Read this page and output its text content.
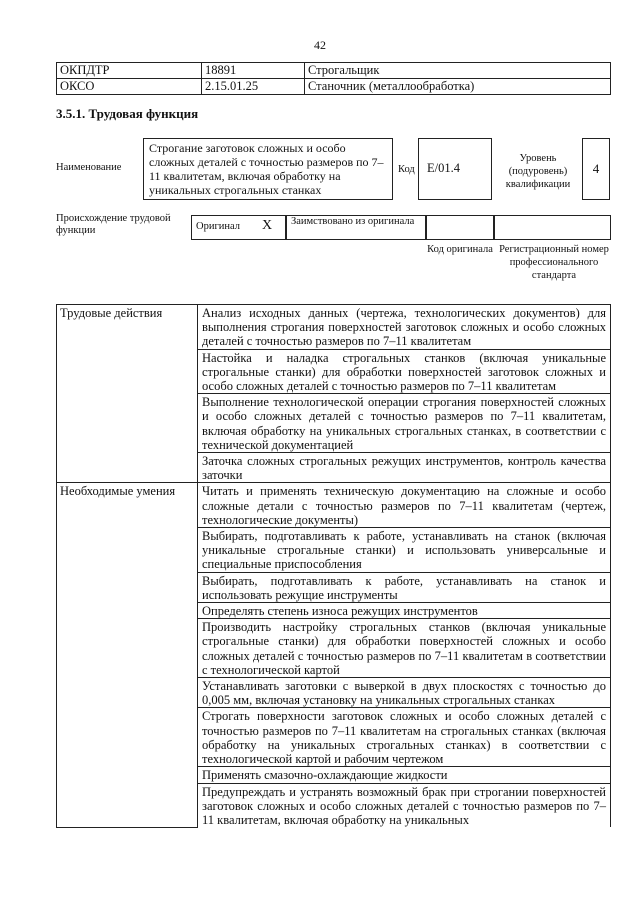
42
ОКПДТР	18891	Строгальщик
ОКСО	2.15.01.25	Станочник (металлообработка)
3.5.1. Трудовая функция
Наименование
Строгание заготовок сложных и особо сложных деталей с точностью размеров по 7–11 квалитетам, включая обработку на уникальных строгальных станках
Код E/01.4
Уровень (подуровень) квалификации
4
Происхождение трудовой функции	Оригинал X	Заимствовано из оригинала
Код оригинала Регистрационный номер профессионального стандарта
Трудовые действия	Анализ исходных данных (чертежа, технологических документов) для выполнения строгания поверхностей заготовок сложных и особо сложных деталей с точностью размеров по 7–11 квалитетам
	Настойка и наладка строгальных станков (включая уникальные строгальные станки) для обработки поверхностей заготовок сложных и особо сложных деталей с точностью размеров по 7–11 квалитетам
	Выполнение технологической операции строгания поверхностей сложных и особо сложных деталей с точностью размеров по 7–11 квалитетам, включая обработку на уникальных строгальных станках, в соответствии с технической документацией
	Заточка сложных строгальных режущих инструментов, контроль качества заточки
Необходимые умения	Читать и применять техническую документацию на сложные и особо сложные детали с точностью размеров по 7–11 квалитетам (чертеж, технологические документы)
	Выбирать, подготавливать к работе, устанавливать на станок (включая уникальные строгальные станки) и использовать универсальные и специальные приспособления
	Выбирать, подготавливать к работе, устанавливать на станок и использовать режущие инструменты
	Определять степень износа режущих инструментов
	Производить настройку строгальных станков (включая уникальные строгальные станки) для обработки поверхностей сложных и особо сложных деталей с точностью размеров по 7–11 квалитетам в соответствии с технологической картой
	Устанавливать заготовки с выверкой в двух плоскостях с точностью до 0,005 мм, включая установку на уникальных строгальных станках
	Строгать поверхности заготовок сложных и особо сложных деталей с точностью размеров по 7–11 квалитетам на строгальных станках (включая обработку на уникальных строгальных станках) в соответствии с технологической картой и рабочим чертежом
	Применять смазочно-охлаждающие жидкости
	Предупреждать и устранять возможный брак при строгании поверхностей заготовок сложных и особо сложных деталей с точностью размеров по 7–11 квалитетам, включая обработку на уникальных
